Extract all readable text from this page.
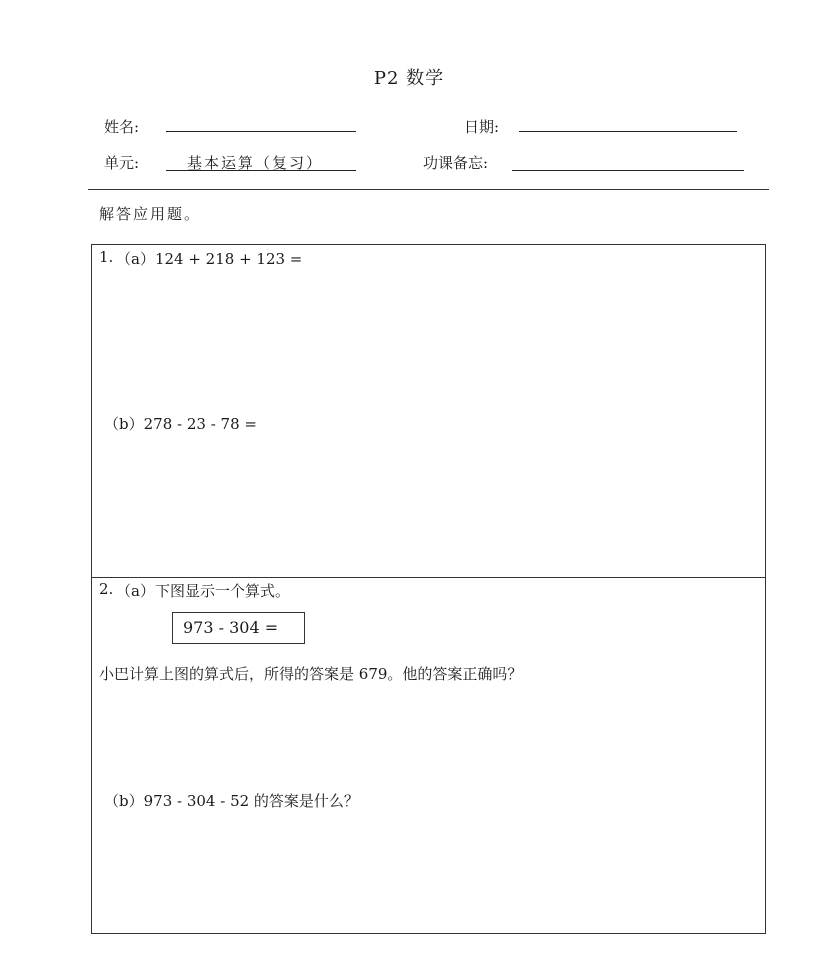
P2 数学
姓名:	日期:
单元:	基本运算（复习）	功课备忘:
解答应用题。
1. （a）124 + 218 + 123 =
（b）278 - 23 - 78 =
2. （a）下图显示一个算式。
973 - 304 =
小巴计算上图的算式后，所得的答案是 679。他的答案正确吗？
（b）973 - 304 - 52 的答案是什么？
